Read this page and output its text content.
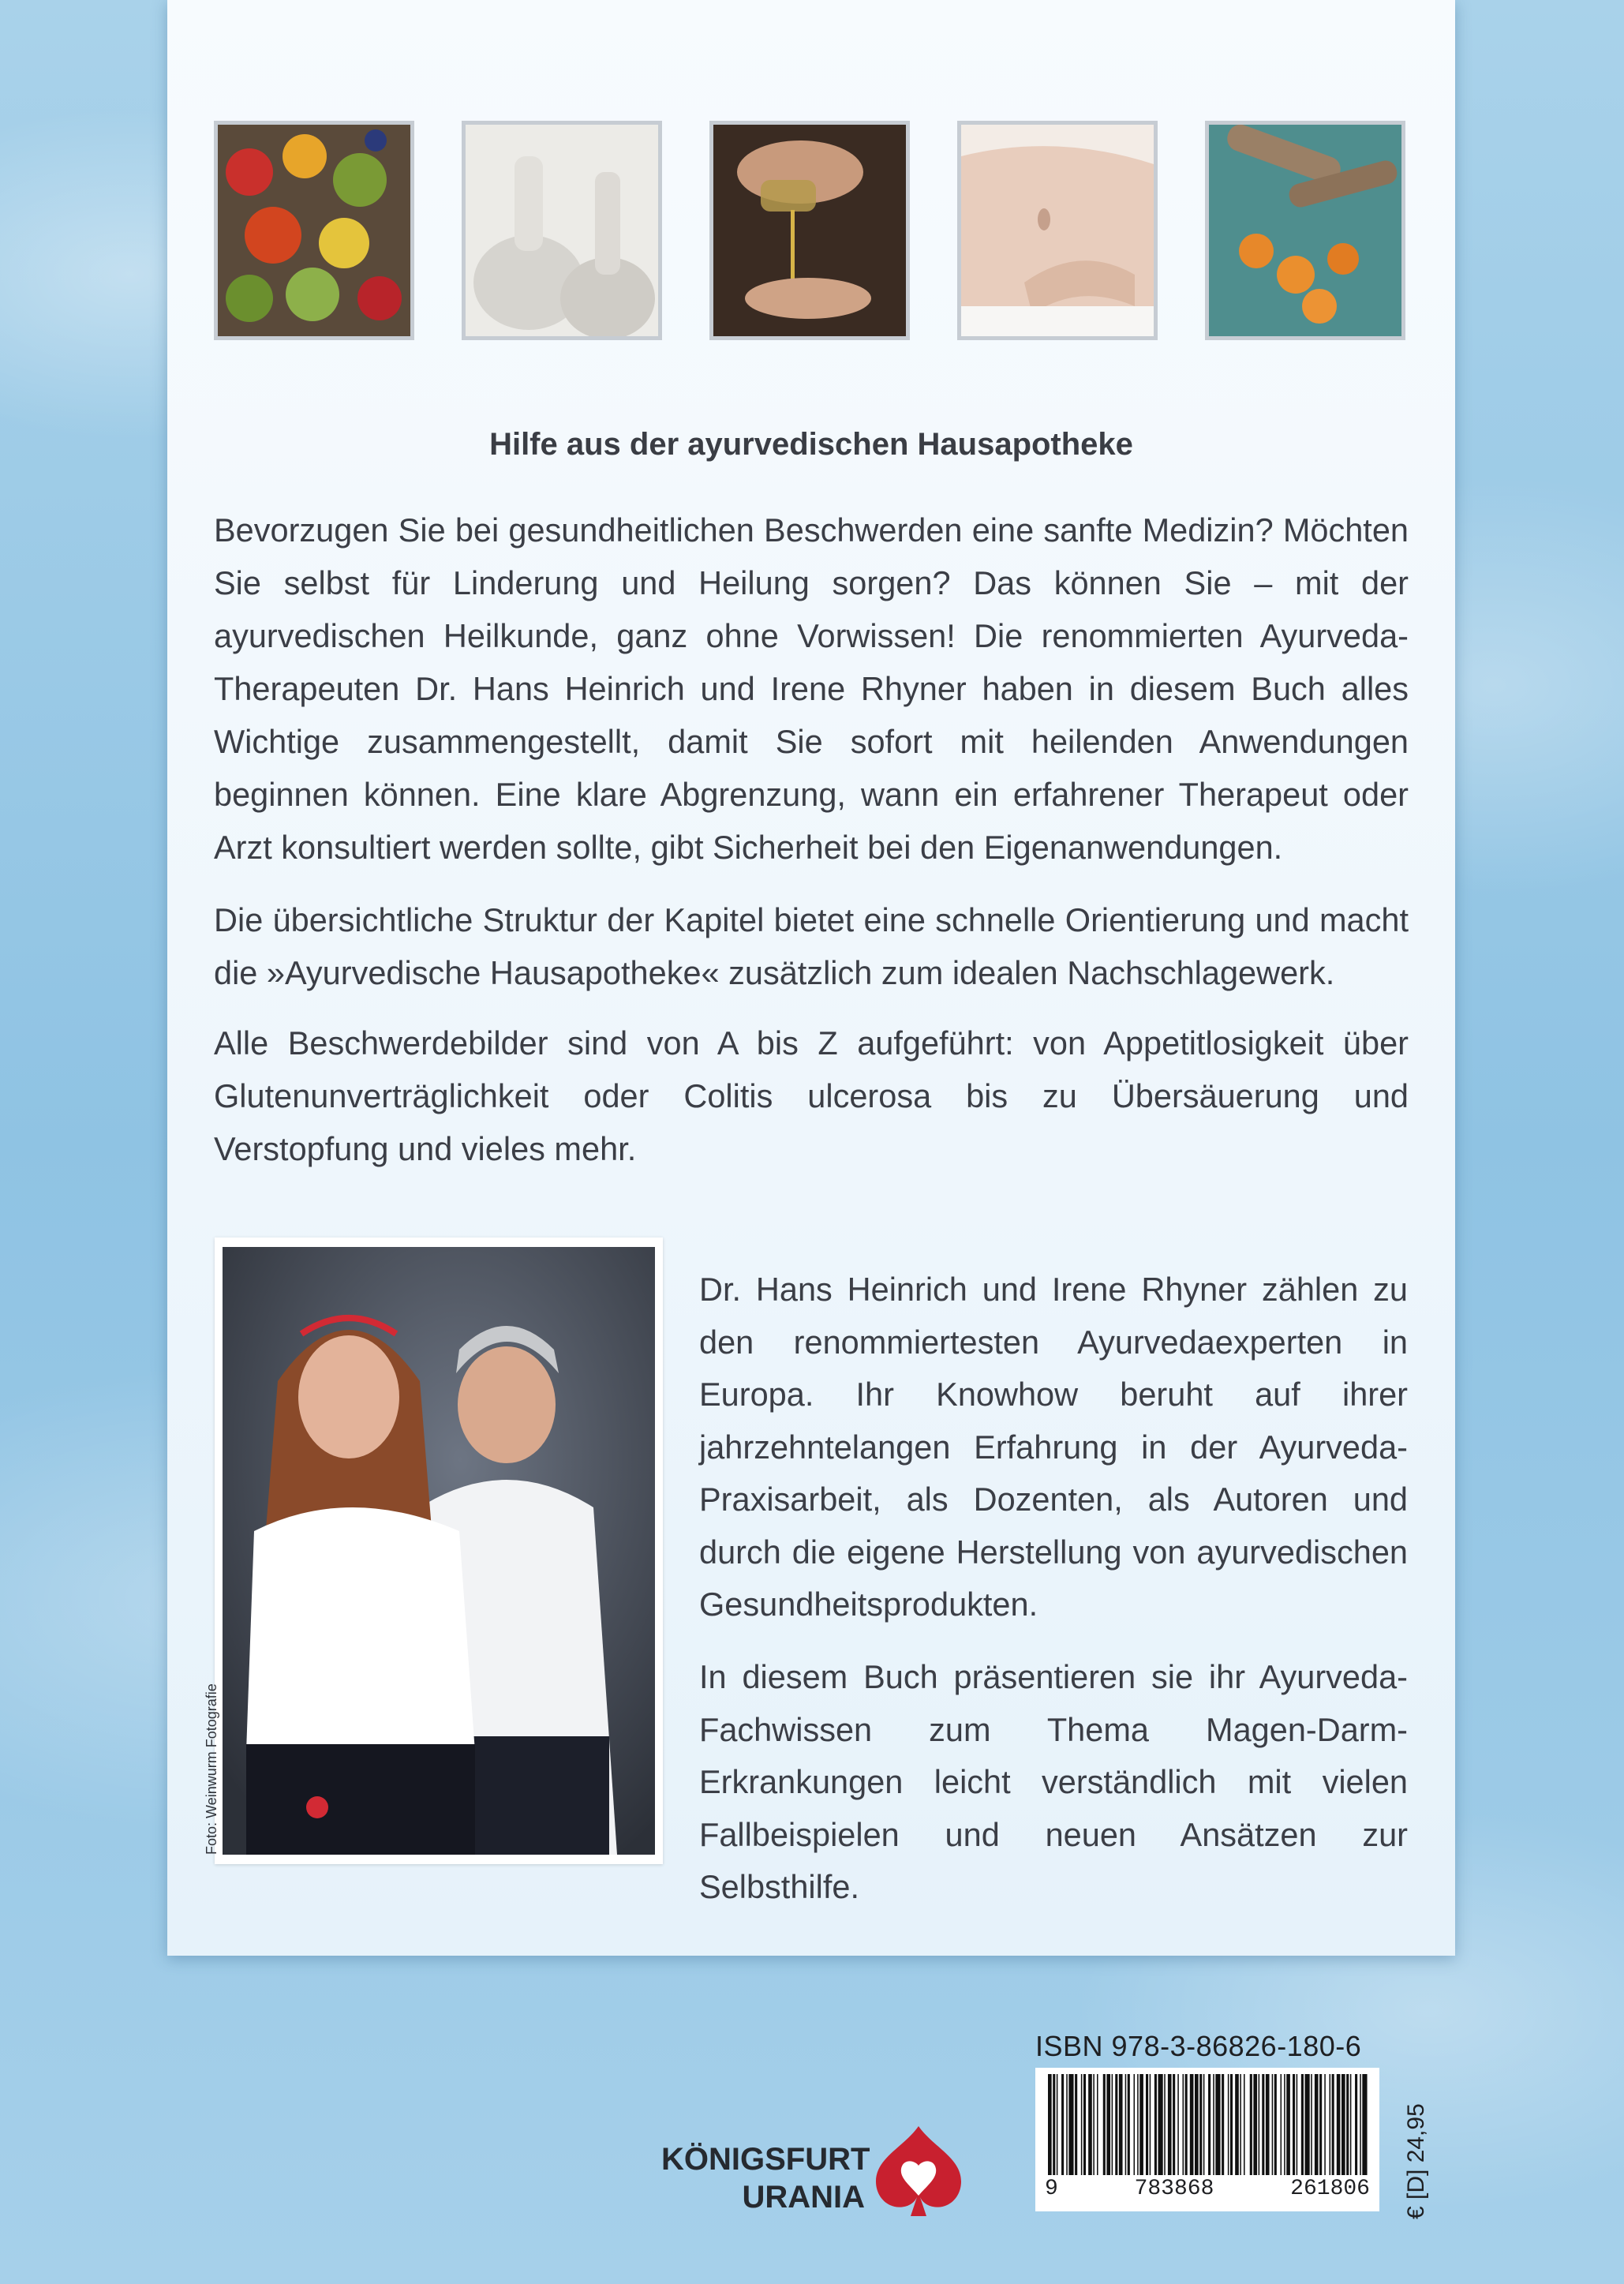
Hilfe aus der ayurvedischen Hausapotheke

Bevorzugen Sie bei gesundheitlichen Beschwerden eine sanfte Medizin? Möchten Sie selbst für Linderung und Heilung sorgen? Das können Sie – mit der ayurvedischen Heilkunde, ganz ohne Vorwissen! Die renommierten Ayurveda-Therapeuten Dr. Hans Heinrich und Irene Rhyner haben in diesem Buch alles Wichtige zusammengestellt, damit Sie sofort mit heilenden Anwendungen beginnen können. Eine klare Abgrenzung, wann ein erfahrener Therapeut oder Arzt konsultiert werden sollte, gibt Sicherheit bei den Eigenanwendungen.

Die übersichtliche Struktur der Kapitel bietet eine schnelle Orientierung und macht die »Ayurvedische Hausapotheke« zusätzlich zum idealen Nachschlagewerk.

Alle Beschwerdebilder sind von A bis Z aufgeführt: von Appetitlosigkeit über Glutenunverträglichkeit oder Colitis ulcerosa bis zu Übersäuerung und Verstopfung und vieles mehr.

Foto: Weinwurm Fotografie

Dr. Hans Heinrich und Irene Rhyner zählen zu den renommiertesten Ayurvedaexperten in Europa. Ihr Knowhow beruht auf ihrer jahrzehntelangen Erfahrung in der Ayurveda-Praxisarbeit, als Dozenten, als Autoren und durch die eigene Herstellung von ayurvedischen Gesundheitsprodukten.

In diesem Buch präsentieren sie ihr Ayurveda-Fachwissen zum Thema Magen-Darm-Erkrankungen leicht verständlich mit vielen Fallbeispielen und neuen Ansätzen zur Selbsthilfe.

KÖNIGSFURT
URANIA
ISBN 978-3-86826-180-6
9	783868	261806 € [D] 24,95
